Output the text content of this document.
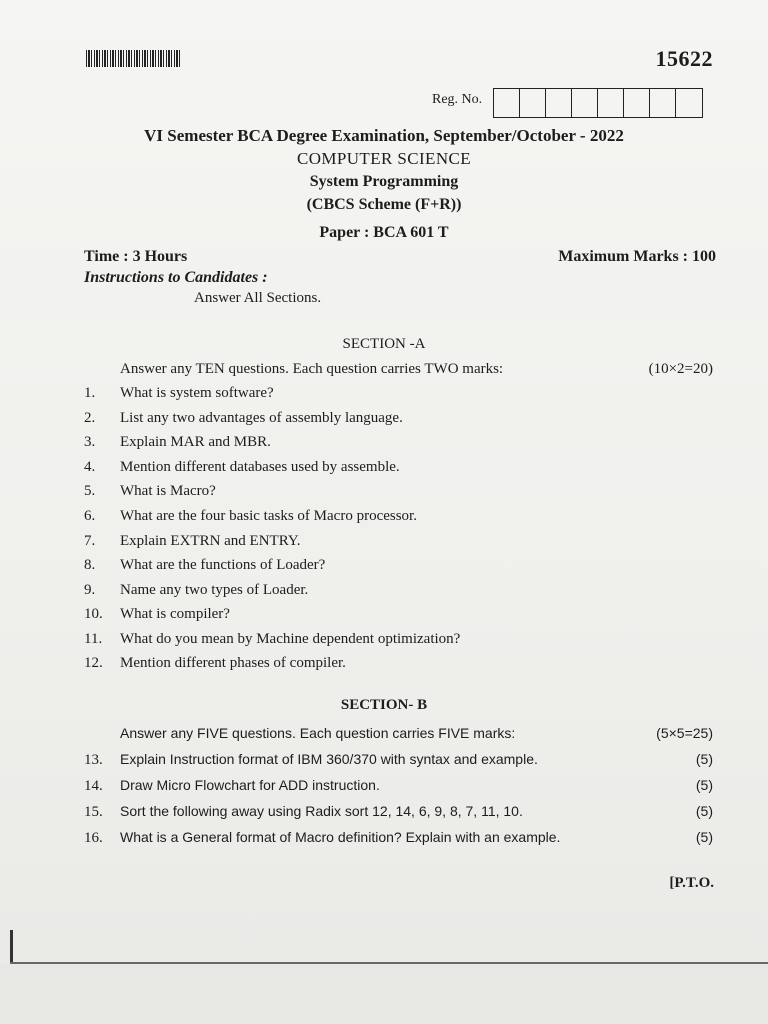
15622
Reg. No.
VI Semester BCA Degree Examination, September/October - 2022
COMPUTER SCIENCE
System Programming
(CBCS Scheme (F+R))
Paper : BCA 601 T
Time : 3 Hours	Maximum Marks : 100
Instructions to Candidates :
Answer All Sections.
SECTION -A
Answer any TEN questions. Each question carries TWO marks:	(10×2=20)
1. What is system software?
2. List any two advantages of assembly language.
3. Explain MAR and MBR.
4. Mention different databases used by assemble.
5. What is Macro?
6. What are the four basic tasks of Macro processor.
7. Explain EXTRN and ENTRY.
8. What are the functions of Loader?
9. Name any two types of Loader.
10. What is compiler?
11. What do you mean by Machine dependent optimization?
12. Mention different phases of compiler.
SECTION- B
Answer any FIVE questions. Each question carries FIVE marks:	(5×5=25)
13. Explain Instruction format of IBM 360/370 with syntax and example.	(5)
14. Draw Micro Flowchart for ADD instruction.	(5)
15. Sort the following away using Radix sort 12, 14, 6, 9, 8, 7, 11, 10.	(5)
16. What is a General format of Macro definition? Explain with an example.	(5)
[P.T.O.
